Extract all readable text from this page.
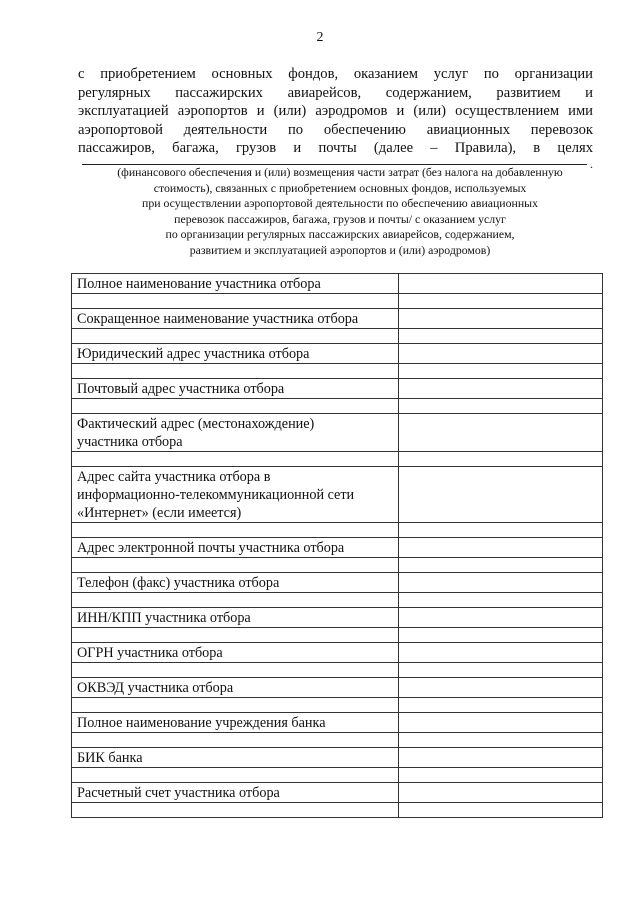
2
с приобретением основных фондов, оказанием услуг по организации
регулярных пассажирских авиарейсов, содержанием, развитием и
эксплуатацией аэропортов и (или) аэродромов и (или) осуществлением ими
аэропортовой деятельности по обеспечению авиационных перевозок
пассажиров, багажа, грузов и почты (далее – Правила), в целях
.
(финансового обеспечения и (или) возмещения части затрат (без налога на добавленную
стоимость), связанных с приобретением основных фондов, используемых
при осуществлении аэропортовой деятельности по обеспечению авиационных
перевозок пассажиров, багажа, грузов и почты/ с оказанием услуг
по организации регулярных пассажирских авиарейсов, содержанием,
развитием и эксплуатацией аэропортов и (или) аэродромов)
Полное наименование участника отбора	

Сокращенное наименование участника отбора	

Юридический адрес участника отбора	

Почтовый адрес участника отбора	

Фактический адрес (местонахождение)
участника отбора	

Адрес сайта участника отбора в
информационно-телекоммуникационной сети
«Интернет» (если имеется)	

Адрес электронной почты участника отбора	

Телефон (факс) участника отбора	

ИНН/КПП участника отбора	

ОГРН участника отбора	

ОКВЭД участника отбора	

Полное наименование учреждения банка	

БИК банка	

Расчетный счет участника отбора	
